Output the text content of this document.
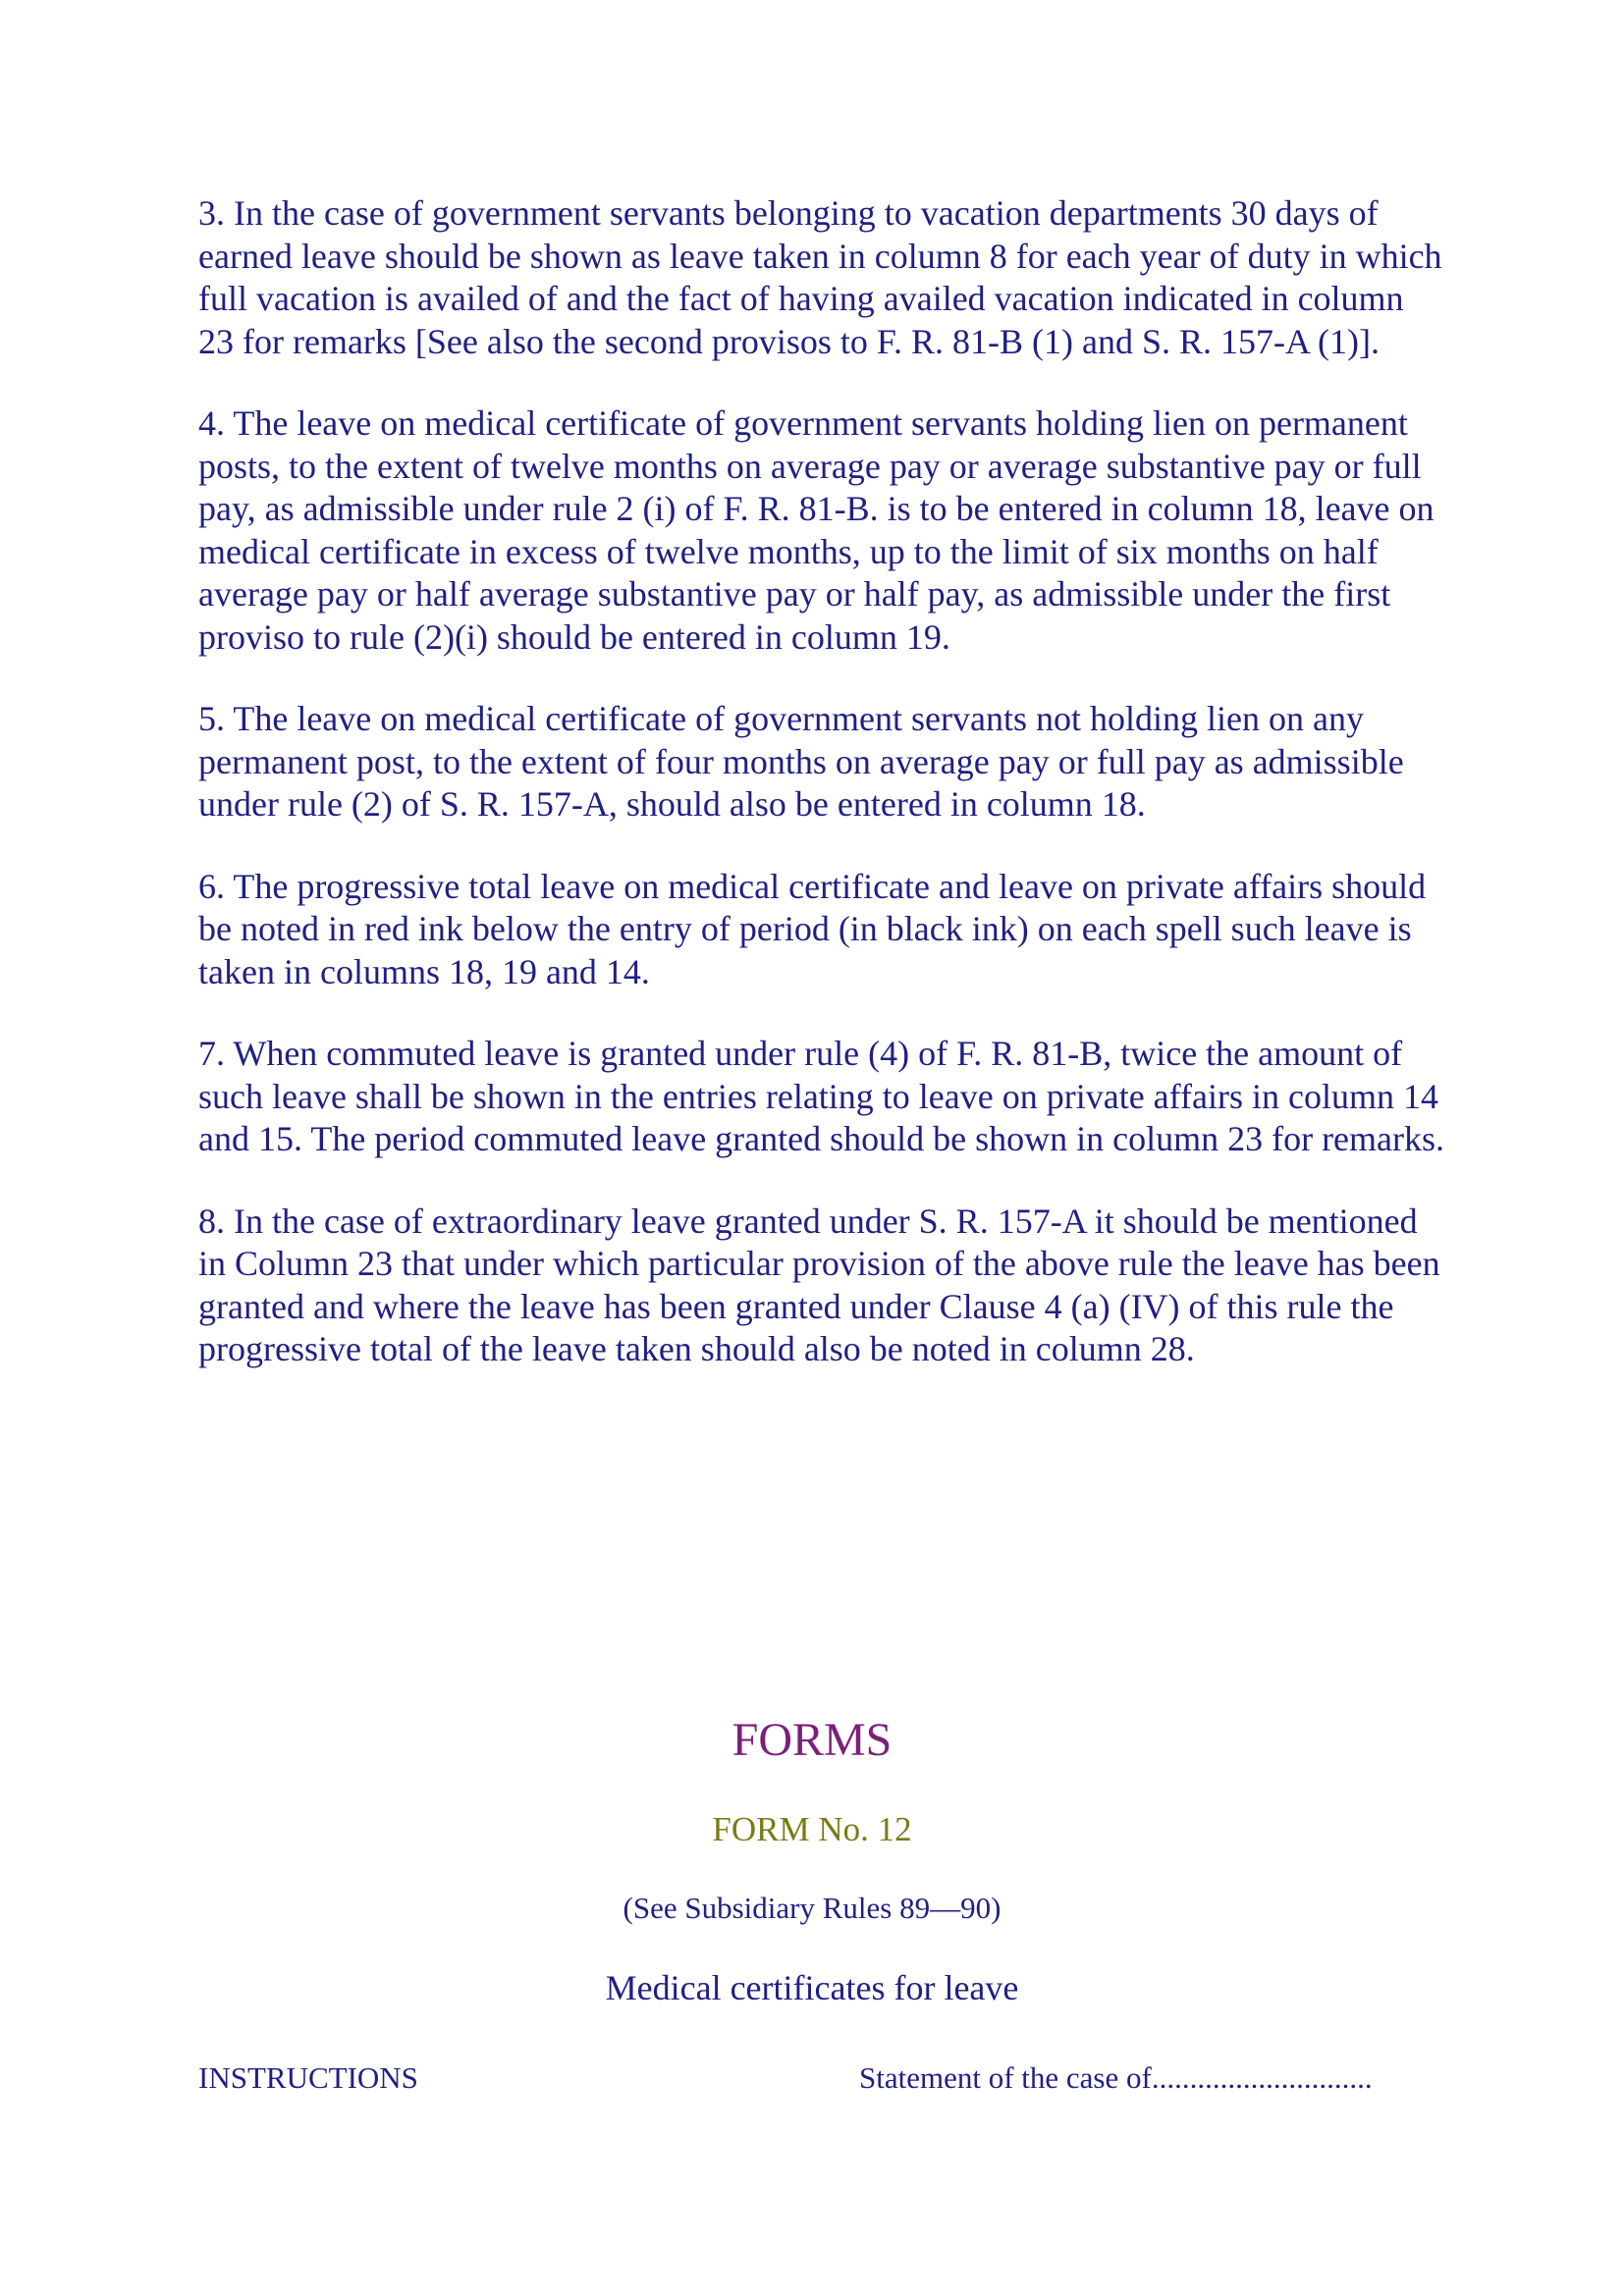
3. In the case of government servants belonging to vacation departments 30 days of earned leave should be shown as leave taken in column 8 for each year of duty in which full vacation is availed of and the fact of having availed vacation indicated in column 23 for remarks [See also the second provisos to F. R. 81-B (1) and S. R. 157-A (1)].

4. The leave on medical certificate of government servants holding lien on permanent posts, to the extent of twelve months on average pay or average substantive pay or full pay, as admissible under rule 2 (i) of F. R. 81-B. is to be entered in column 18, leave on medical certificate in excess of twelve months, up to the limit of six months on half average pay or half average substantive pay or half pay, as admissible under the first proviso to rule (2)(i) should be entered in column 19.

5. The leave on medical certificate of government servants not holding lien on any permanent post, to the extent of four months on average pay or full pay as admissible under rule (2) of S. R. 157-A, should also be entered in column 18.

6. The progressive total leave on medical certificate and leave on private affairs should be noted in red ink below the entry of period (in black ink) on each spell such leave is taken in columns 18, 19 and 14.

7. When commuted leave is granted under rule (4) of F. R. 81-B, twice the amount of such leave shall be shown in the entries relating to leave on private affairs in column 14 and 15. The period commuted leave granted should be shown in column 23 for remarks.

8. In the case of extraordinary leave granted under S. R. 157-A it should be mentioned in Column 23 that under which particular provision of the above rule the leave has been granted and where the leave has been granted under Clause 4 (a) (IV) of this rule the progressive total of the leave taken should also be noted in column 28.

FORMS
FORM No. 12
(See Subsidiary Rules 89—90)
Medical certificates for leave
INSTRUCTIONS	Statement of the case of.............................
